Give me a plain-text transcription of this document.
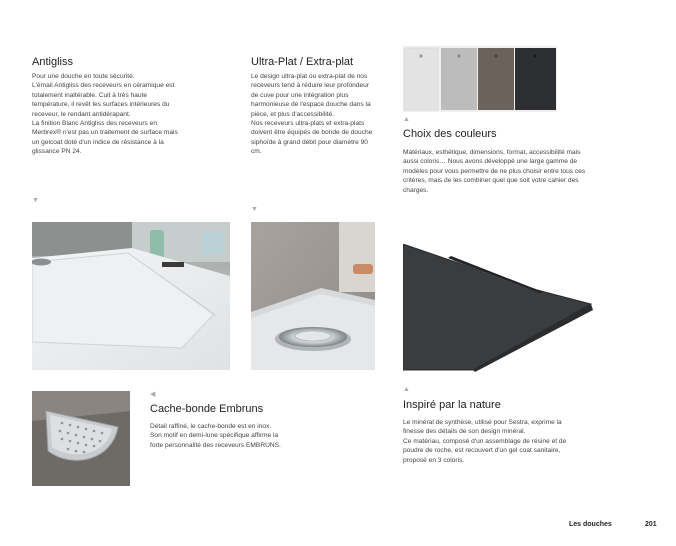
Antigliss
Pour une douche en toute sécurité.
L'émail Antigliss des receveurs en céramique est totalement inaltérable. Cuit à très haute température, il revêt les surfaces intérieures du receveur, le rendant antidérapant.
La finition Blanc Antigliss des receveurs en Merbrex® n'est pas un traitement de surface mais un gelcoat doté d'un indice de résistance à la glissance PN 24.
▼
Ultra-Plat / Extra-plat
Le design ultra-plat ou extra-plat de nos receveurs tend à réduire leur profondeur de cuve pour une intégration plus harmonieuse de l'espace douche dans la pièce, et plus d'accessibilité.
Nos receveurs ultra-plats et extra-plats doivent être équipés de bonde de douche siphoïde à grand débit pour diamètre 90 cm.
▼
▲
Choix des couleurs
Matériaux, esthétique, dimensions, format, accessibilité mais aussi coloris… Nous avons développé une large gamme de modèles pour vous permettre de ne plus choisir entre tous ces critères, mais de les combiner quel que soit votre cahier des charges.
◀
Cache-bonde Embruns
Détail raffiné, le cache-bonde est en inox.
Son motif en demi-lune spécifique affirme la forte personnalité des receveurs EMBRUNS.
▲
Inspiré par la nature
Le minéral de synthèse, utilisé pour Sestra, exprime la finesse des détails de son design minéral.
Ce matériau, composé d'un assemblage de résine et de poudre de roche, est recouvert d'un gel coat sanitaire, proposé en 3 coloris.
Les douches	201
